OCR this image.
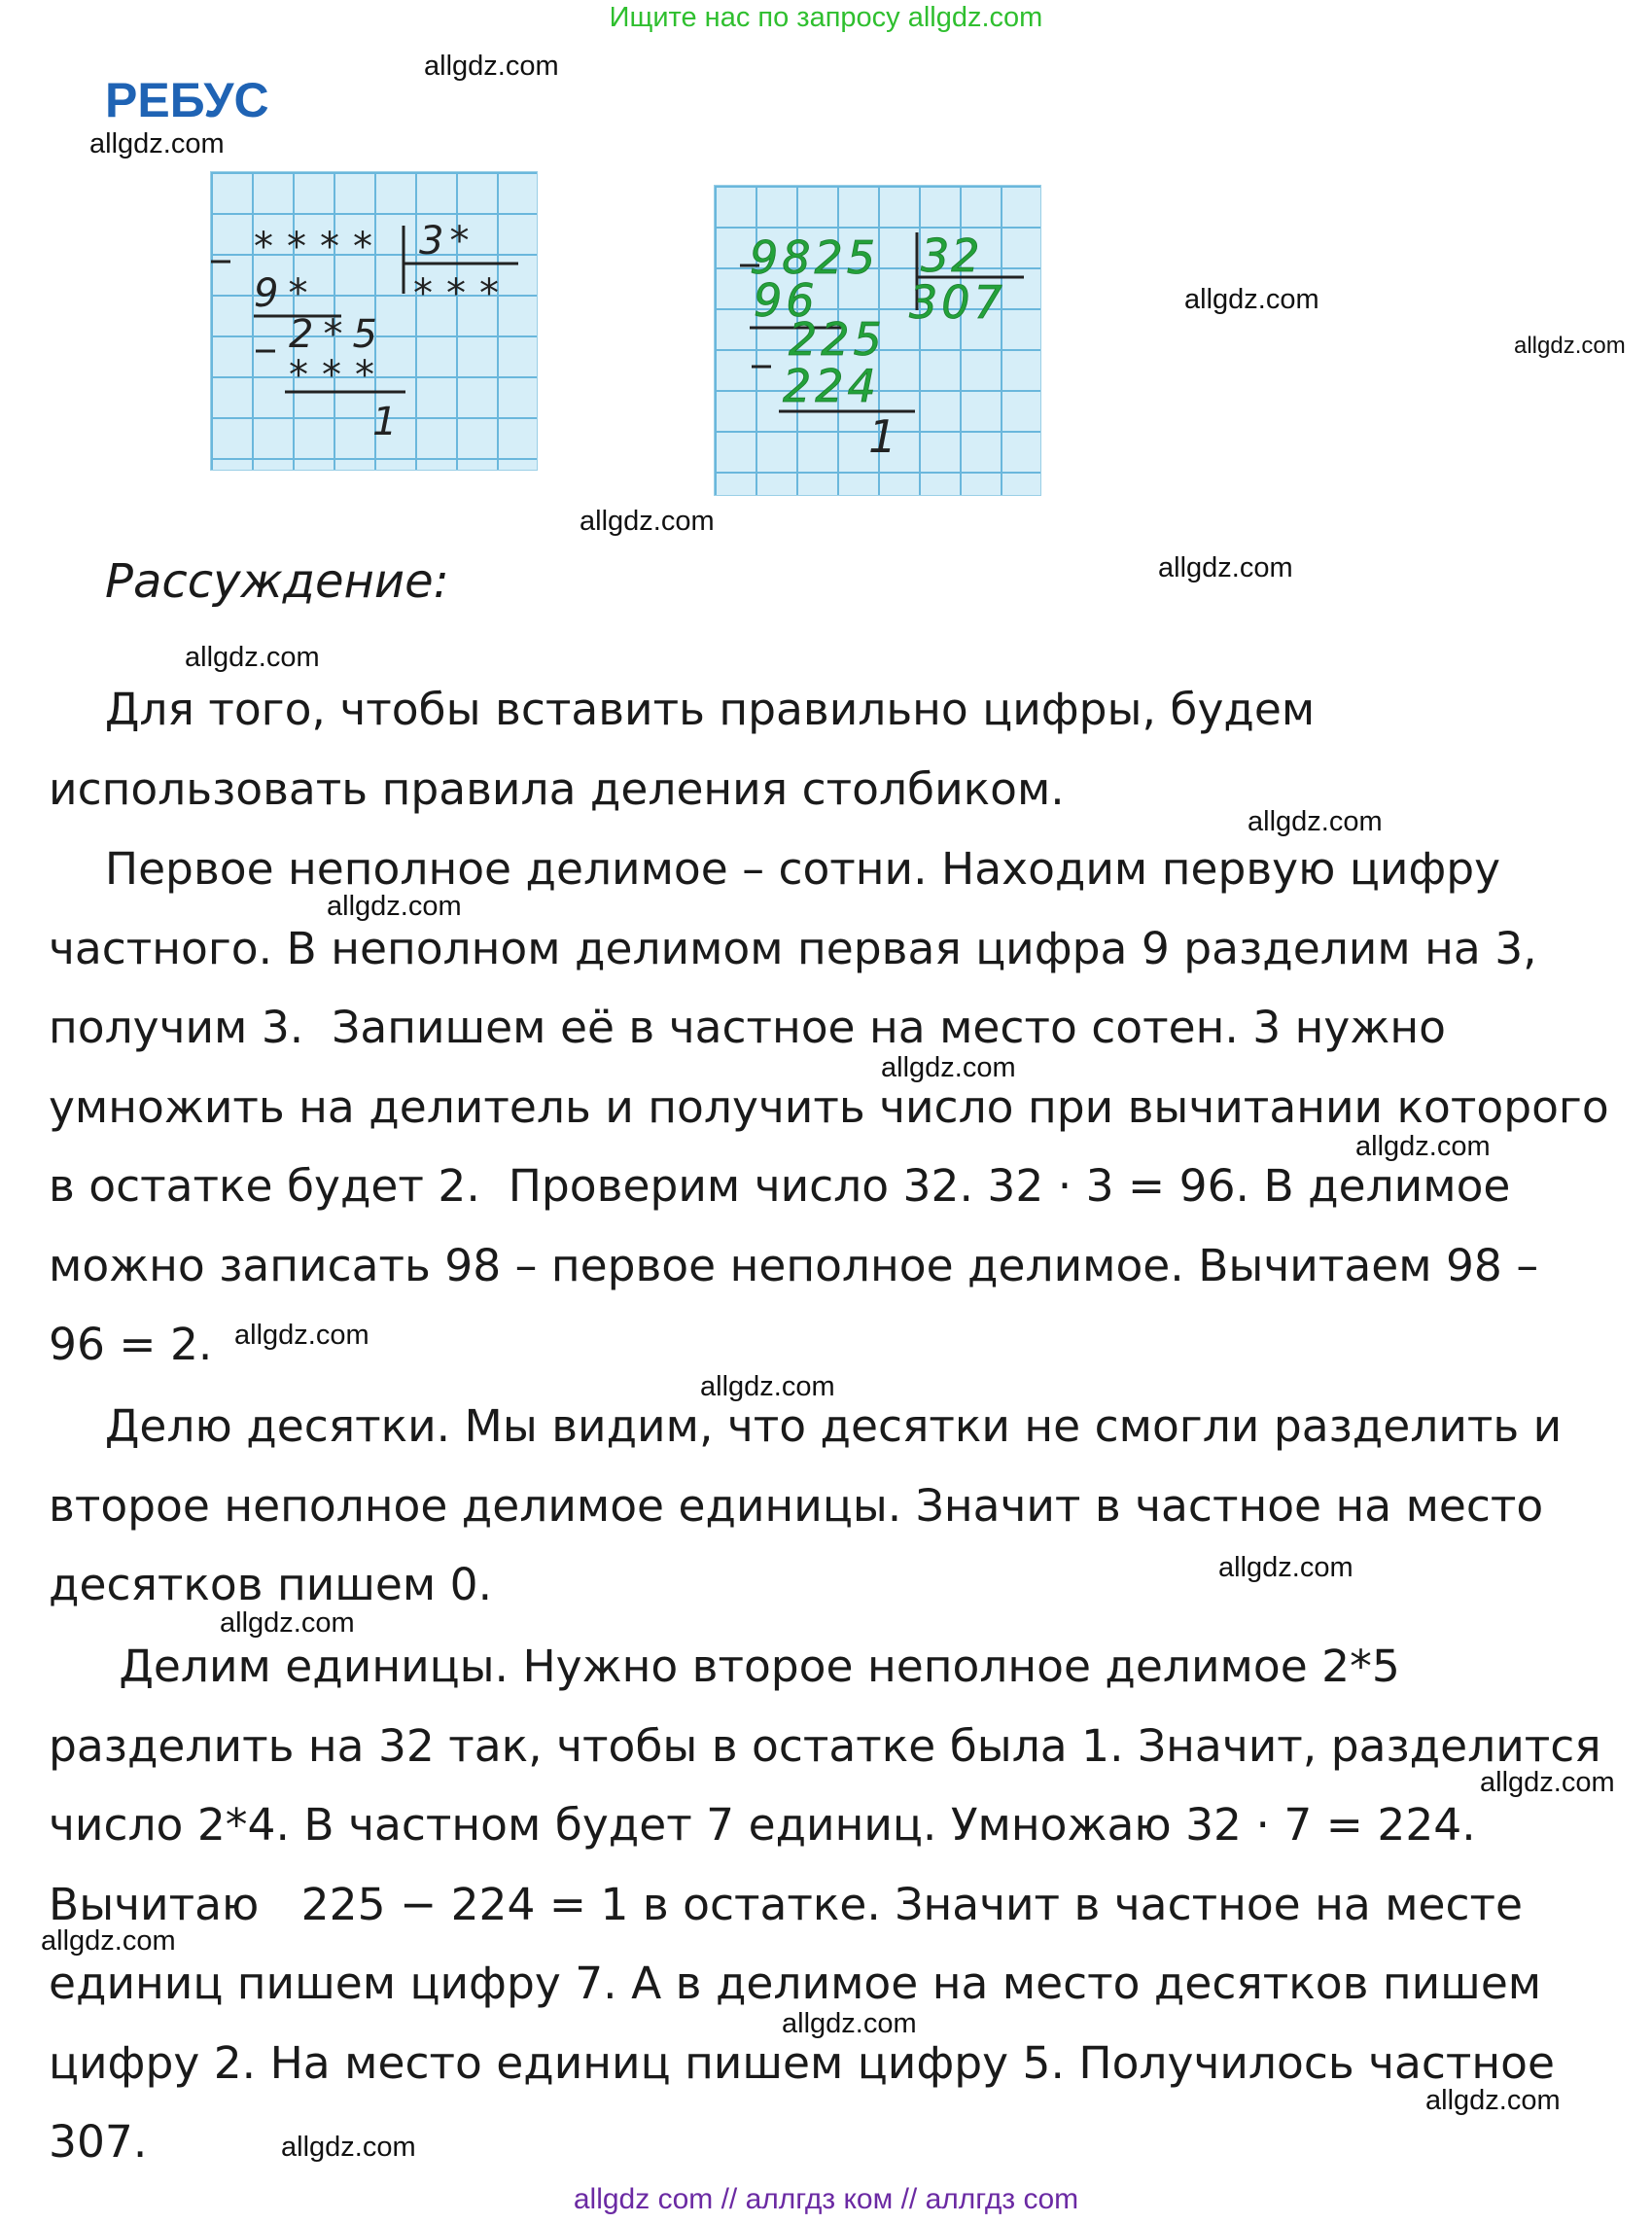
Ищите нас по запросу allgdz.com
РЕБУС
allgdz.com
allgdz.com
allgdz.com
allgdz.com
allgdz.com
allgdz.com
allgdz.com
allgdz.com
allgdz.com
allgdz.com
allgdz.com
allgdz.com
allgdz.com
allgdz.com
allgdz.com
allgdz.com
allgdz.com
allgdz.com
allgdz.com
allgdz.com
**** 3*
9* ***
2*5
***
1
9825 32
96 307
225
224
1
Рассуждение:
Для того, чтобы вставить правильно цифры, будем
использовать правила деления столбиком.
Первое неполное делимое – сотни. Находим первую цифру
частного. В неполном делимом первая цифра 9 разделим на 3,
получим 3.  Запишем её в частное на место сотен. 3 нужно
умножить на делитель и получить число при вычитании которого
в остатке будет 2.  Проверим число 32. 32 · 3 = 96. В делимое
можно записать 98 – первое неполное делимое. Вычитаем 98 –
96 = 2.
Делю десятки. Мы видим, что десятки не смогли разделить и
второе неполное делимое единицы. Значит в частное на место
десятков пишем 0.
Делим единицы. Нужно второе неполное делимое 2*5
разделить на 32 так, чтобы в остатке была 1. Значит, разделится
число 2*4. В частном будет 7 единиц. Умножаю 32 · 7 = 224.
Вычитаю   225 − 224 = 1 в остатке. Значит в частное на месте
единиц пишем цифру 7. А в делимое на место десятков пишем
цифру 2. На место единиц пишем цифру 5. Получилось частное
307.
allgdz com // аллгдз ком // аллгдз com
